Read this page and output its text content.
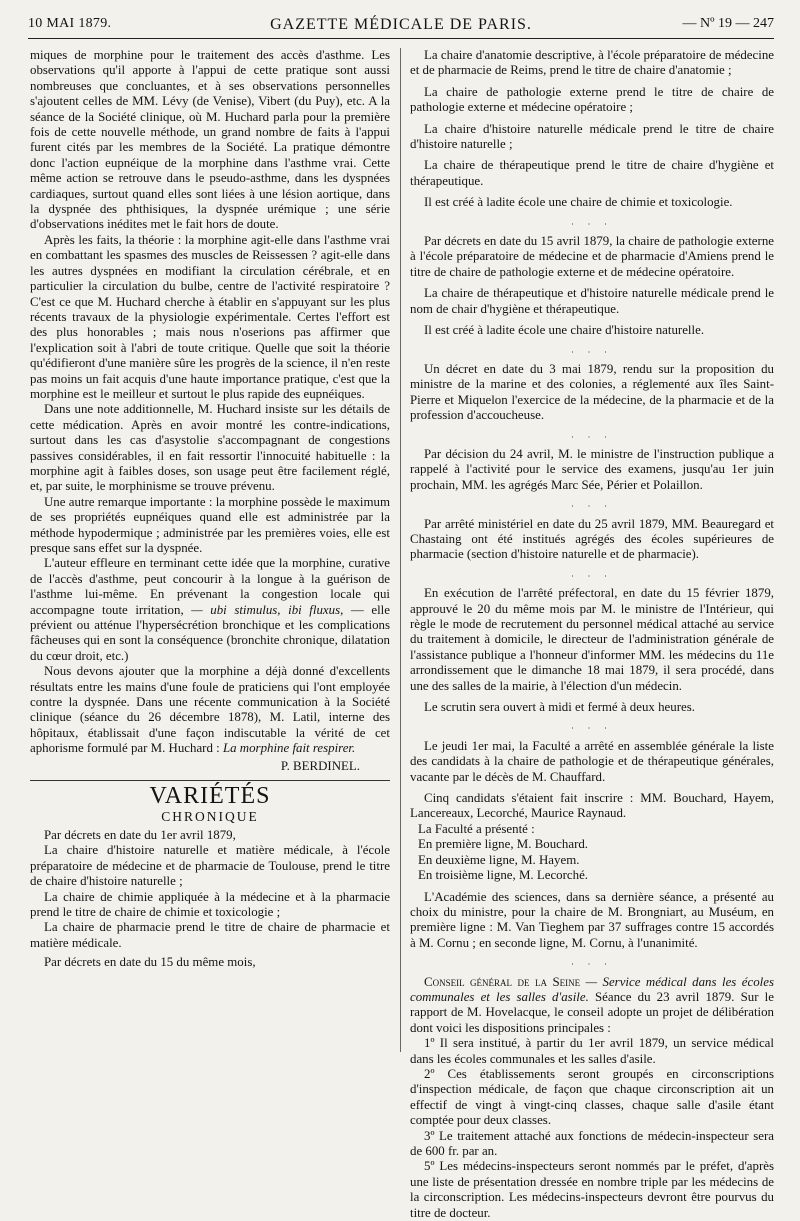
10 MAI 1879.	GAZETTE MÉDICALE DE PARIS.	— Nº 19 — 247

miques de morphine pour le traitement des accès d'asthme. Les observations qu'il apporte à l'appui de cette pratique sont aussi nombreuses que concluantes, et à ses observations personnelles s'ajoutent celles de MM. Lévy (de Venise), Vibert (du Puy), etc. A la séance de la Société clinique, où M. Huchard parla pour la première fois de cette nouvelle méthode, un grand nombre de faits à l'appui furent cités par les membres de la Société. La pratique démontre donc l'action eupnéique de la morphine dans l'asthme vrai. Cette même action se retrouve dans le pseudo-asthme, dans les dyspnées cardiaques, surtout quand elles sont liées à une lésion aortique, dans la dyspnée des phthisiques, la dyspnée urémique ; une série d'observations inédites met le fait hors de doute.

Après les faits, la théorie : la morphine agit-elle dans l'asthme vrai en combattant les spasmes des muscles de Reissessen ? agit-elle dans les autres dyspnées en modifiant la circulation cérébrale, et en particulier la circulation du bulbe, centre de l'activité respiratoire ? C'est ce que M. Huchard cherche à établir en s'appuyant sur les plus récents travaux de la physiologie expérimentale. Certes l'effort est des plus honorables ; mais nous n'oserions pas affirmer que l'explication soit à l'abri de toute critique. Quelle que soit la théorie qu'édifieront d'une manière sûre les progrès de la science, il n'en reste pas moins un fait acquis d'une haute importance pratique, c'est que la morphine est le meilleur et surtout le plus rapide des eupnéiques.

Dans une note additionnelle, M. Huchard insiste sur les détails de cette médication. Après en avoir montré les contre-indications, surtout dans les cas d'asystolie s'accompagnant de congestions passives considérables, il en fait ressortir l'innocuité habituelle : la morphine agit à faibles doses, son usage peut être facilement réglé, et, par suite, le morphinisme se trouve prévenu.

Une autre remarque importante : la morphine possède le maximum de ses propriétés eupnéiques quand elle est administrée par la méthode hypodermique ; administrée par les premières voies, elle est presque sans effet sur la dyspnée.

L'auteur effleure en terminant cette idée que la morphine, curative de l'accès d'asthme, peut concourir à la longue à la guérison de l'asthme lui-même. En prévenant la congestion locale qui accompagne toute irritation, — ubi stimulus, ibi fluxus, — elle prévient ou atténue l'hypersécrétion bronchique et les complications fâcheuses qui en sont la conséquence (bronchite chronique, dilatation du cœur droit, etc.)

Nous devons ajouter que la morphine a déjà donné d'excellents résultats entre les mains d'une foule de praticiens qui l'ont employée contre la dyspnée. Dans une récente communication à la Société clinique (séance du 26 décembre 1878), M. Latil, interne des hôpitaux, établissait d'une façon indiscutable la vérité de cet aphorisme formulé par M. Huchard : La morphine fait respirer.

P. BERDINEL.
VARIÉTÉS
CHRONIQUE

Par décrets en date du 1er avril 1879,

La chaire d'histoire naturelle et matière médicale, à l'école préparatoire de médecine et de pharmacie de Toulouse, prend le titre de chaire d'histoire naturelle ;

La chaire de chimie appliquée à la médecine et à la pharmacie prend le titre de chaire de chimie et toxicologie ;

La chaire de pharmacie prend le titre de chaire de pharmacie et matière médicale.

Par décrets en date du 15 du même mois,

La chaire d'anatomie descriptive, à l'école préparatoire de médecine et de pharmacie de Reims, prend le titre de chaire d'anatomie ;

La chaire de pathologie externe prend le titre de chaire de pathologie externe et médecine opératoire ;

La chaire d'histoire naturelle médicale prend le titre de chaire d'histoire naturelle ;

La chaire de thérapeutique prend le titre de chaire d'hygiène et thérapeutique.

Il est créé à ladite école une chaire de chimie et toxicologie.

∙ ∙ ∙

Par décrets en date du 15 avril 1879, la chaire de pathologie externe à l'école préparatoire de médecine et de pharmacie d'Amiens prend le titre de chaire de pathologie externe et de médecine opératoire.

La chaire de thérapeutique et d'histoire naturelle médicale prend le nom de chair d'hygiène et thérapeutique.

Il est créé à ladite école une chaire d'histoire naturelle.

∙ ∙ ∙

Un décret en date du 3 mai 1879, rendu sur la proposition du ministre de la marine et des colonies, a réglementé aux îles Saint-Pierre et Miquelon l'exercice de la médecine, de la pharmacie et de la profession d'accoucheuse.

∙ ∙ ∙

Par décision du 24 avril, M. le ministre de l'instruction publique a rappelé à l'activité pour le service des examens, jusqu'au 1er juin prochain, MM. les agrégés Marc Sée, Périer et Polaillon.

∙ ∙ ∙

Par arrêté ministériel en date du 25 avril 1879, MM. Beauregard et Chastaing ont été institués agrégés des écoles supérieures de pharmacie (section d'histoire naturelle et de pharmacie).

∙ ∙ ∙

En exécution de l'arrêté préfectoral, en date du 15 février 1879, approuvé le 20 du même mois par M. le ministre de l'Intérieur, qui règle le mode de recrutement du personnel médical attaché au service du traitement à domicile, le directeur de l'administration générale de l'assistance publique a l'honneur d'informer MM. les médecins du 11e arrondissement que le dimanche 18 mai 1879, il sera procédé, dans une des salles de la mairie, à l'élection d'un médecin.

Le scrutin sera ouvert à midi et fermé à deux heures.

∙ ∙ ∙

Le jeudi 1er mai, la Faculté a arrêté en assemblée générale la liste des candidats à la chaire de pathologie et de thérapeutique générales, vacante par le décès de M. Chauffard.

Cinq candidats s'étaient fait inscrire : MM. Bouchard, Hayem, Lancereaux, Lecorché, Maurice Raynaud.

La Faculté a présenté :
En première ligne, M. Bouchard.
En deuxième ligne, M. Hayem.
En troisième ligne, M. Lecorché.

L'Académie des sciences, dans sa dernière séance, a présenté au choix du ministre, pour la chaire de M. Brongniart, au Muséum, en première ligne : M. Van Tieghem par 37 suffrages contre 15 accordés à M. Cornu ; en seconde ligne, M. Cornu, à l'unanimité.

∙ ∙ ∙

Conseil général de la Seine — Service médical dans les écoles communales et les salles d'asile. Séance du 23 avril 1879. Sur le rapport de M. Hovelacque, le conseil adopte un projet de délibération dont voici les dispositions principales :

1º Il sera institué, à partir du 1er avril 1879, un service médical dans les écoles communales et les salles d'asile.

2º Ces établissements seront groupés en circonscriptions d'inspection médicale, de façon que chaque circonscription ait un effectif de vingt à vingt-cinq classes, chaque salle d'asile étant comptée pour deux classes.

3º Le traitement attaché aux fonctions de médecin-inspecteur sera de 600 fr. par an.

5º Les médecins-inspecteurs seront nommés par le préfet, d'après une liste de présentation dressée en nombre triple par les médecins de la circonscription. Les médecins-inspecteurs devront être pourvus du titre de docteur.
